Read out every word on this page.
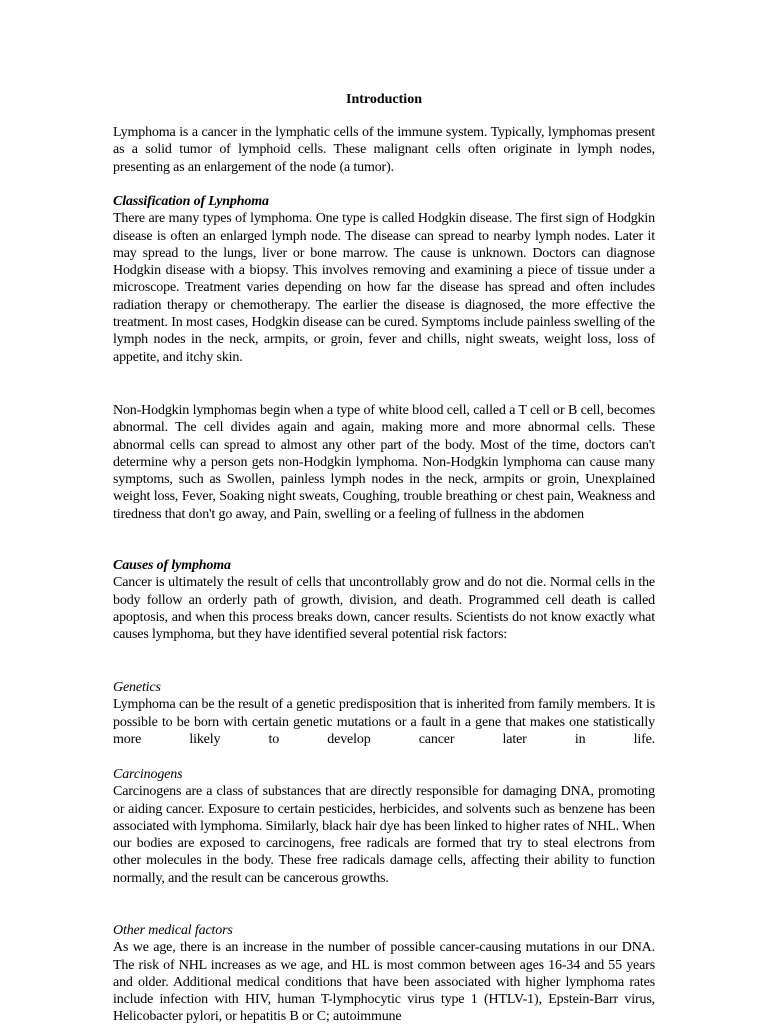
Introduction

Lymphoma is a cancer in the lymphatic cells of the immune system. Typically, lymphomas present as a solid tumor of lymphoid cells. These malignant cells often originate in lymph nodes, presenting as an enlargement of the node (a tumor).

Classification of Lynphoma
There are many types of lymphoma. One type is called Hodgkin disease. The first sign of Hodgkin disease is often an enlarged lymph node. The disease can spread to nearby lymph nodes. Later it may spread to the lungs, liver or bone marrow. The cause is unknown. Doctors can diagnose Hodgkin disease with a biopsy. This involves removing and examining a piece of tissue under a microscope. Treatment varies depending on how far the disease has spread and often includes radiation therapy or chemotherapy. The earlier the disease is diagnosed, the more effective the treatment. In most cases, Hodgkin disease can be cured. Symptoms include painless swelling of the lymph nodes in the neck, armpits, or groin, fever and chills, night sweats, weight loss, loss of appetite, and itchy skin.

Non-Hodgkin lymphomas begin when a type of white blood cell, called a T cell or B cell, becomes abnormal. The cell divides again and again, making more and more abnormal cells. These abnormal cells can spread to almost any other part of the body. Most of the time, doctors can't determine why a person gets non-Hodgkin lymphoma. Non-Hodgkin lymphoma can cause many symptoms, such as Swollen, painless lymph nodes in the neck, armpits or groin, Unexplained weight loss, Fever, Soaking night sweats, Coughing, trouble breathing or chest pain, Weakness and tiredness that don't go away, and Pain, swelling or a feeling of fullness in the abdomen

Causes of lymphoma
Cancer is ultimately the result of cells that uncontrollably grow and do not die. Normal cells in the body follow an orderly path of growth, division, and death. Programmed cell death is called apoptosis, and when this process breaks down, cancer results. Scientists do not know exactly what causes lymphoma, but they have identified several potential risk factors:
Genetics
Lymphoma can be the result of a genetic predisposition that is inherited from family members. It is possible to be born with certain genetic mutations or a fault in a gene that makes one statistically more likely to develop cancer later in life.
Carcinogens
Carcinogens are a class of substances that are directly responsible for damaging DNA, promoting or aiding cancer. Exposure to certain pesticides, herbicides, and solvents such as benzene has been associated with lymphoma. Similarly, black hair dye has been linked to higher rates of NHL. When our bodies are exposed to carcinogens, free radicals are formed that try to steal electrons from other molecules in the body. These free radicals damage cells, affecting their ability to function normally, and the result can be cancerous growths.
Other medical factors
As we age, there is an increase in the number of possible cancer-causing mutations in our DNA. The risk of NHL increases as we age, and HL is most common between ages 16-34 and 55 years and older. Additional medical conditions that have been associated with higher lymphoma rates include infection with HIV, human T-lymphocytic virus type 1 (HTLV-1), Epstein-Barr virus, Helicobacter pylori, or hepatitis B or C; autoimmune
